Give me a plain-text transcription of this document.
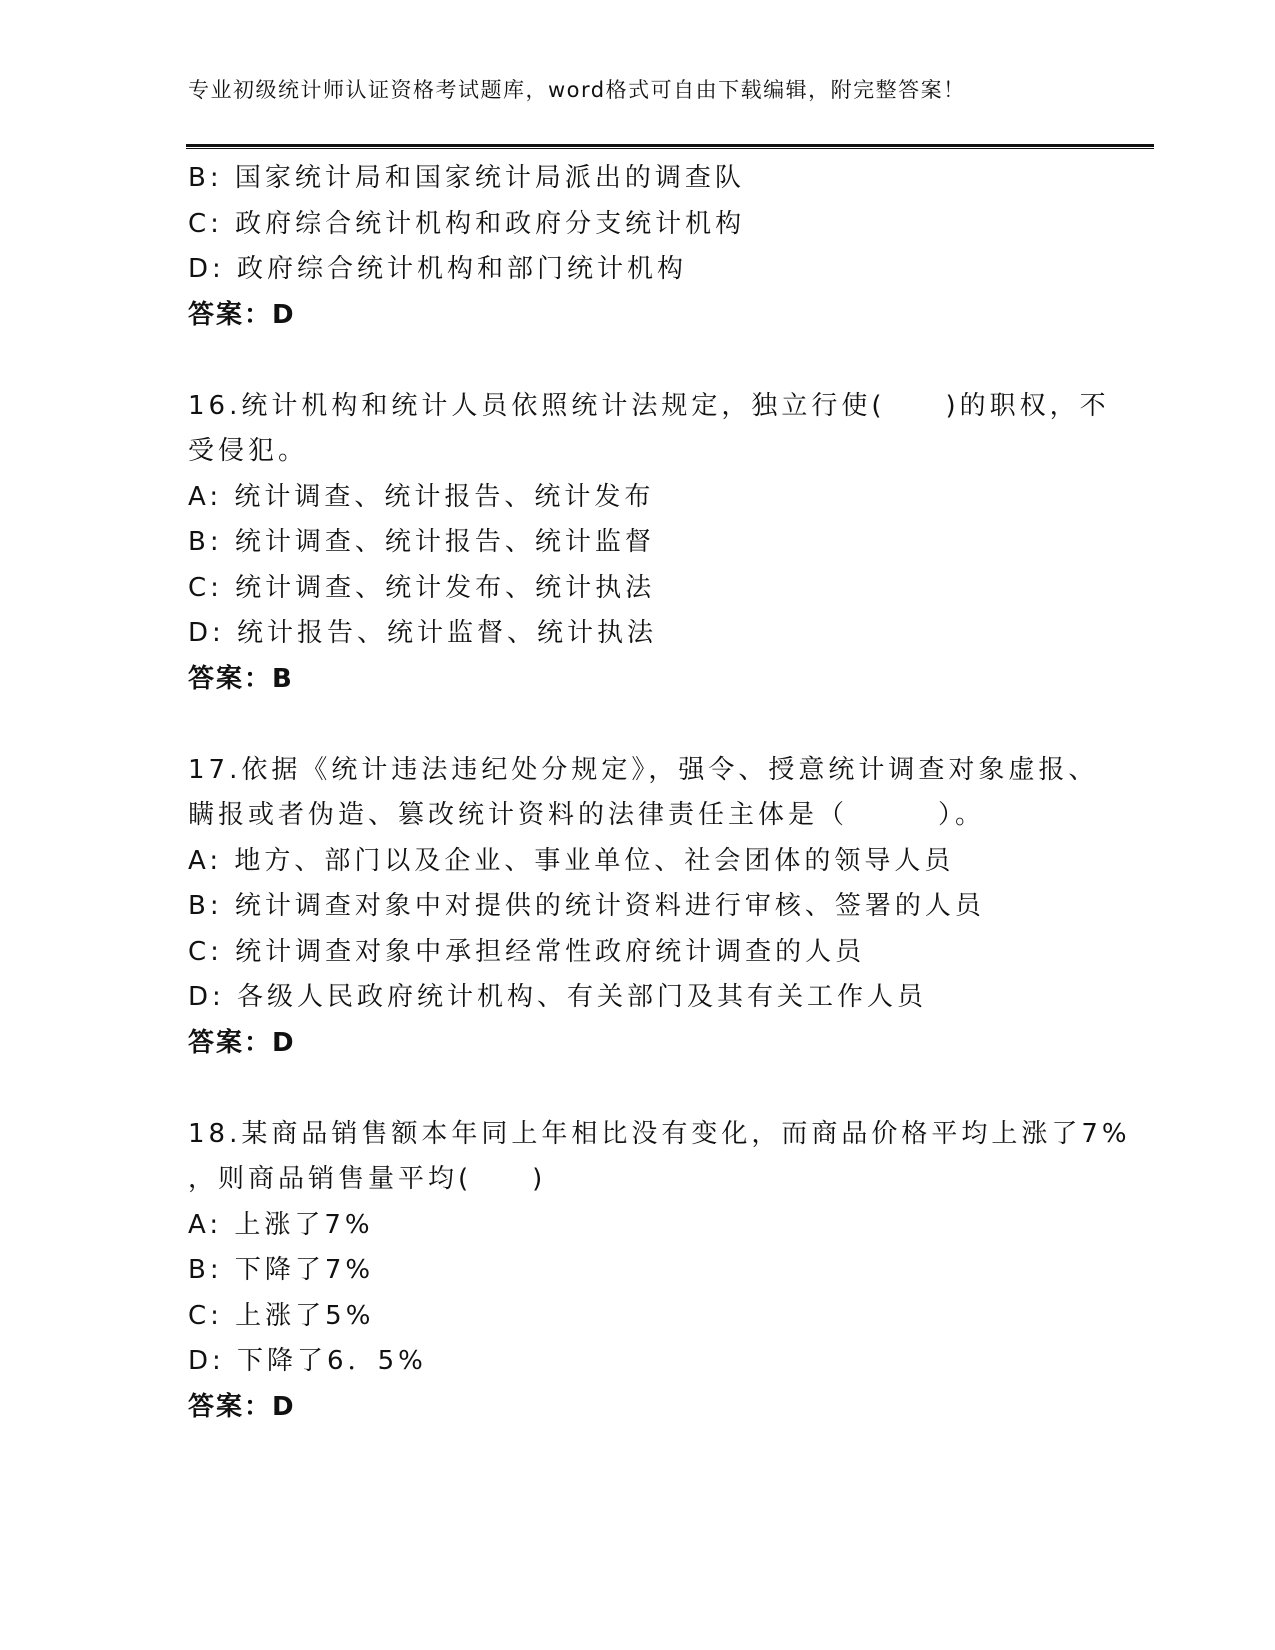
专业初级统计师认证资格考试题库，word格式可自由下载编辑，附完整答案！
B: 国家统计局和国家统计局派出的调查队
C: 政府综合统计机构和政府分支统计机构
D: 政府综合统计机构和部门统计机构
答案：D
16.统计机构和统计人员依照统计法规定，独立行使(　　)的职权，不
受侵犯。
A: 统计调查、统计报告、统计发布
B: 统计调查、统计报告、统计监督
C: 统计调查、统计发布、统计执法
D: 统计报告、统计监督、统计执法
答案：B
17.依据《统计违法违纪处分规定》，强令、授意统计调查对象虚报、
瞒报或者伪造、篡改统计资料的法律责任主体是（　　　）。
A: 地方、部门以及企业、事业单位、社会团体的领导人员
B: 统计调查对象中对提供的统计资料进行审核、签署的人员
C: 统计调查对象中承担经常性政府统计调查的人员
D: 各级人民政府统计机构、有关部门及其有关工作人员
答案：D
18.某商品销售额本年同上年相比没有变化，而商品价格平均上涨了7%
，则商品销售量平均(　　)
A: 上涨了7%
B: 下降了7%
C: 上涨了5%
D: 下降了6．5%
答案：D
